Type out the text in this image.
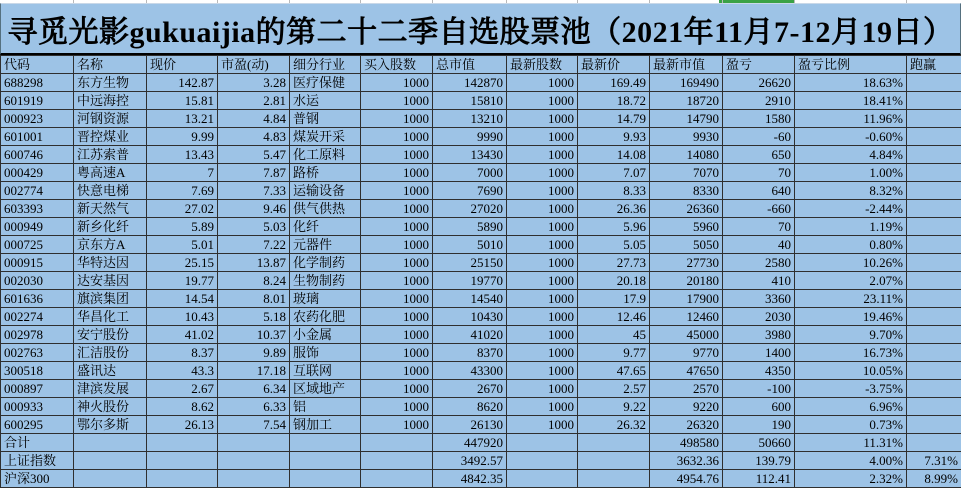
寻觅光影gukuaijia的第二十二季自选股票池（2021年11月7-12月19日）
代码	名称	现价	市盈(动)	细分行业	买入股数	总市值	最新股数	最新价	最新市值	盈亏	盈亏比例	跑赢
688298	东方生物	142.87	3.28	医疗保健	1000	142870	1000	169.49	169490	26620	18.63%	
601919	中远海控	15.81	2.81	水运	1000	15810	1000	18.72	18720	2910	18.41%	
000923	河钢资源	13.21	4.84	普钢	1000	13210	1000	14.79	14790	1580	11.96%	
601001	晋控煤业	9.99	4.83	煤炭开采	1000	9990	1000	9.93	9930	-60	-0.60%	
600746	江苏索普	13.43	5.47	化工原料	1000	13430	1000	14.08	14080	650	4.84%	
000429	粤高速A	7	7.87	路桥	1000	7000	1000	7.07	7070	70	1.00%	
002774	快意电梯	7.69	7.33	运输设备	1000	7690	1000	8.33	8330	640	8.32%	
603393	新天然气	27.02	9.46	供气供热	1000	27020	1000	26.36	26360	-660	-2.44%	
000949	新乡化纤	5.89	5.03	化纤	1000	5890	1000	5.96	5960	70	1.19%	
000725	京东方A	5.01	7.22	元器件	1000	5010	1000	5.05	5050	40	0.80%	
000915	华特达因	25.15	13.87	化学制药	1000	25150	1000	27.73	27730	2580	10.26%	
002030	达安基因	19.77	8.24	生物制药	1000	19770	1000	20.18	20180	410	2.07%	
601636	旗滨集团	14.54	8.01	玻璃	1000	14540	1000	17.9	17900	3360	23.11%	
002274	华昌化工	10.43	5.18	农药化肥	1000	10430	1000	12.46	12460	2030	19.46%	
002978	安宁股份	41.02	10.37	小金属	1000	41020	1000	45	45000	3980	9.70%	
002763	汇洁股份	8.37	9.89	服饰	1000	8370	1000	9.77	9770	1400	16.73%	
300518	盛讯达	43.3	17.18	互联网	1000	43300	1000	47.65	47650	4350	10.05%	
000897	津滨发展	2.67	6.34	区域地产	1000	2670	1000	2.57	2570	-100	-3.75%	
000933	神火股份	8.62	6.33	铝	1000	8620	1000	9.22	9220	600	6.96%	
600295	鄂尔多斯	26.13	7.54	钢加工	1000	26130	1000	26.32	26320	190	0.73%	
合计						447920			498580	50660	11.31%	
上证指数						3492.57			3632.36	139.79	4.00%	7.31%
沪深300						4842.35			4954.76	112.41	2.32%	8.99%
